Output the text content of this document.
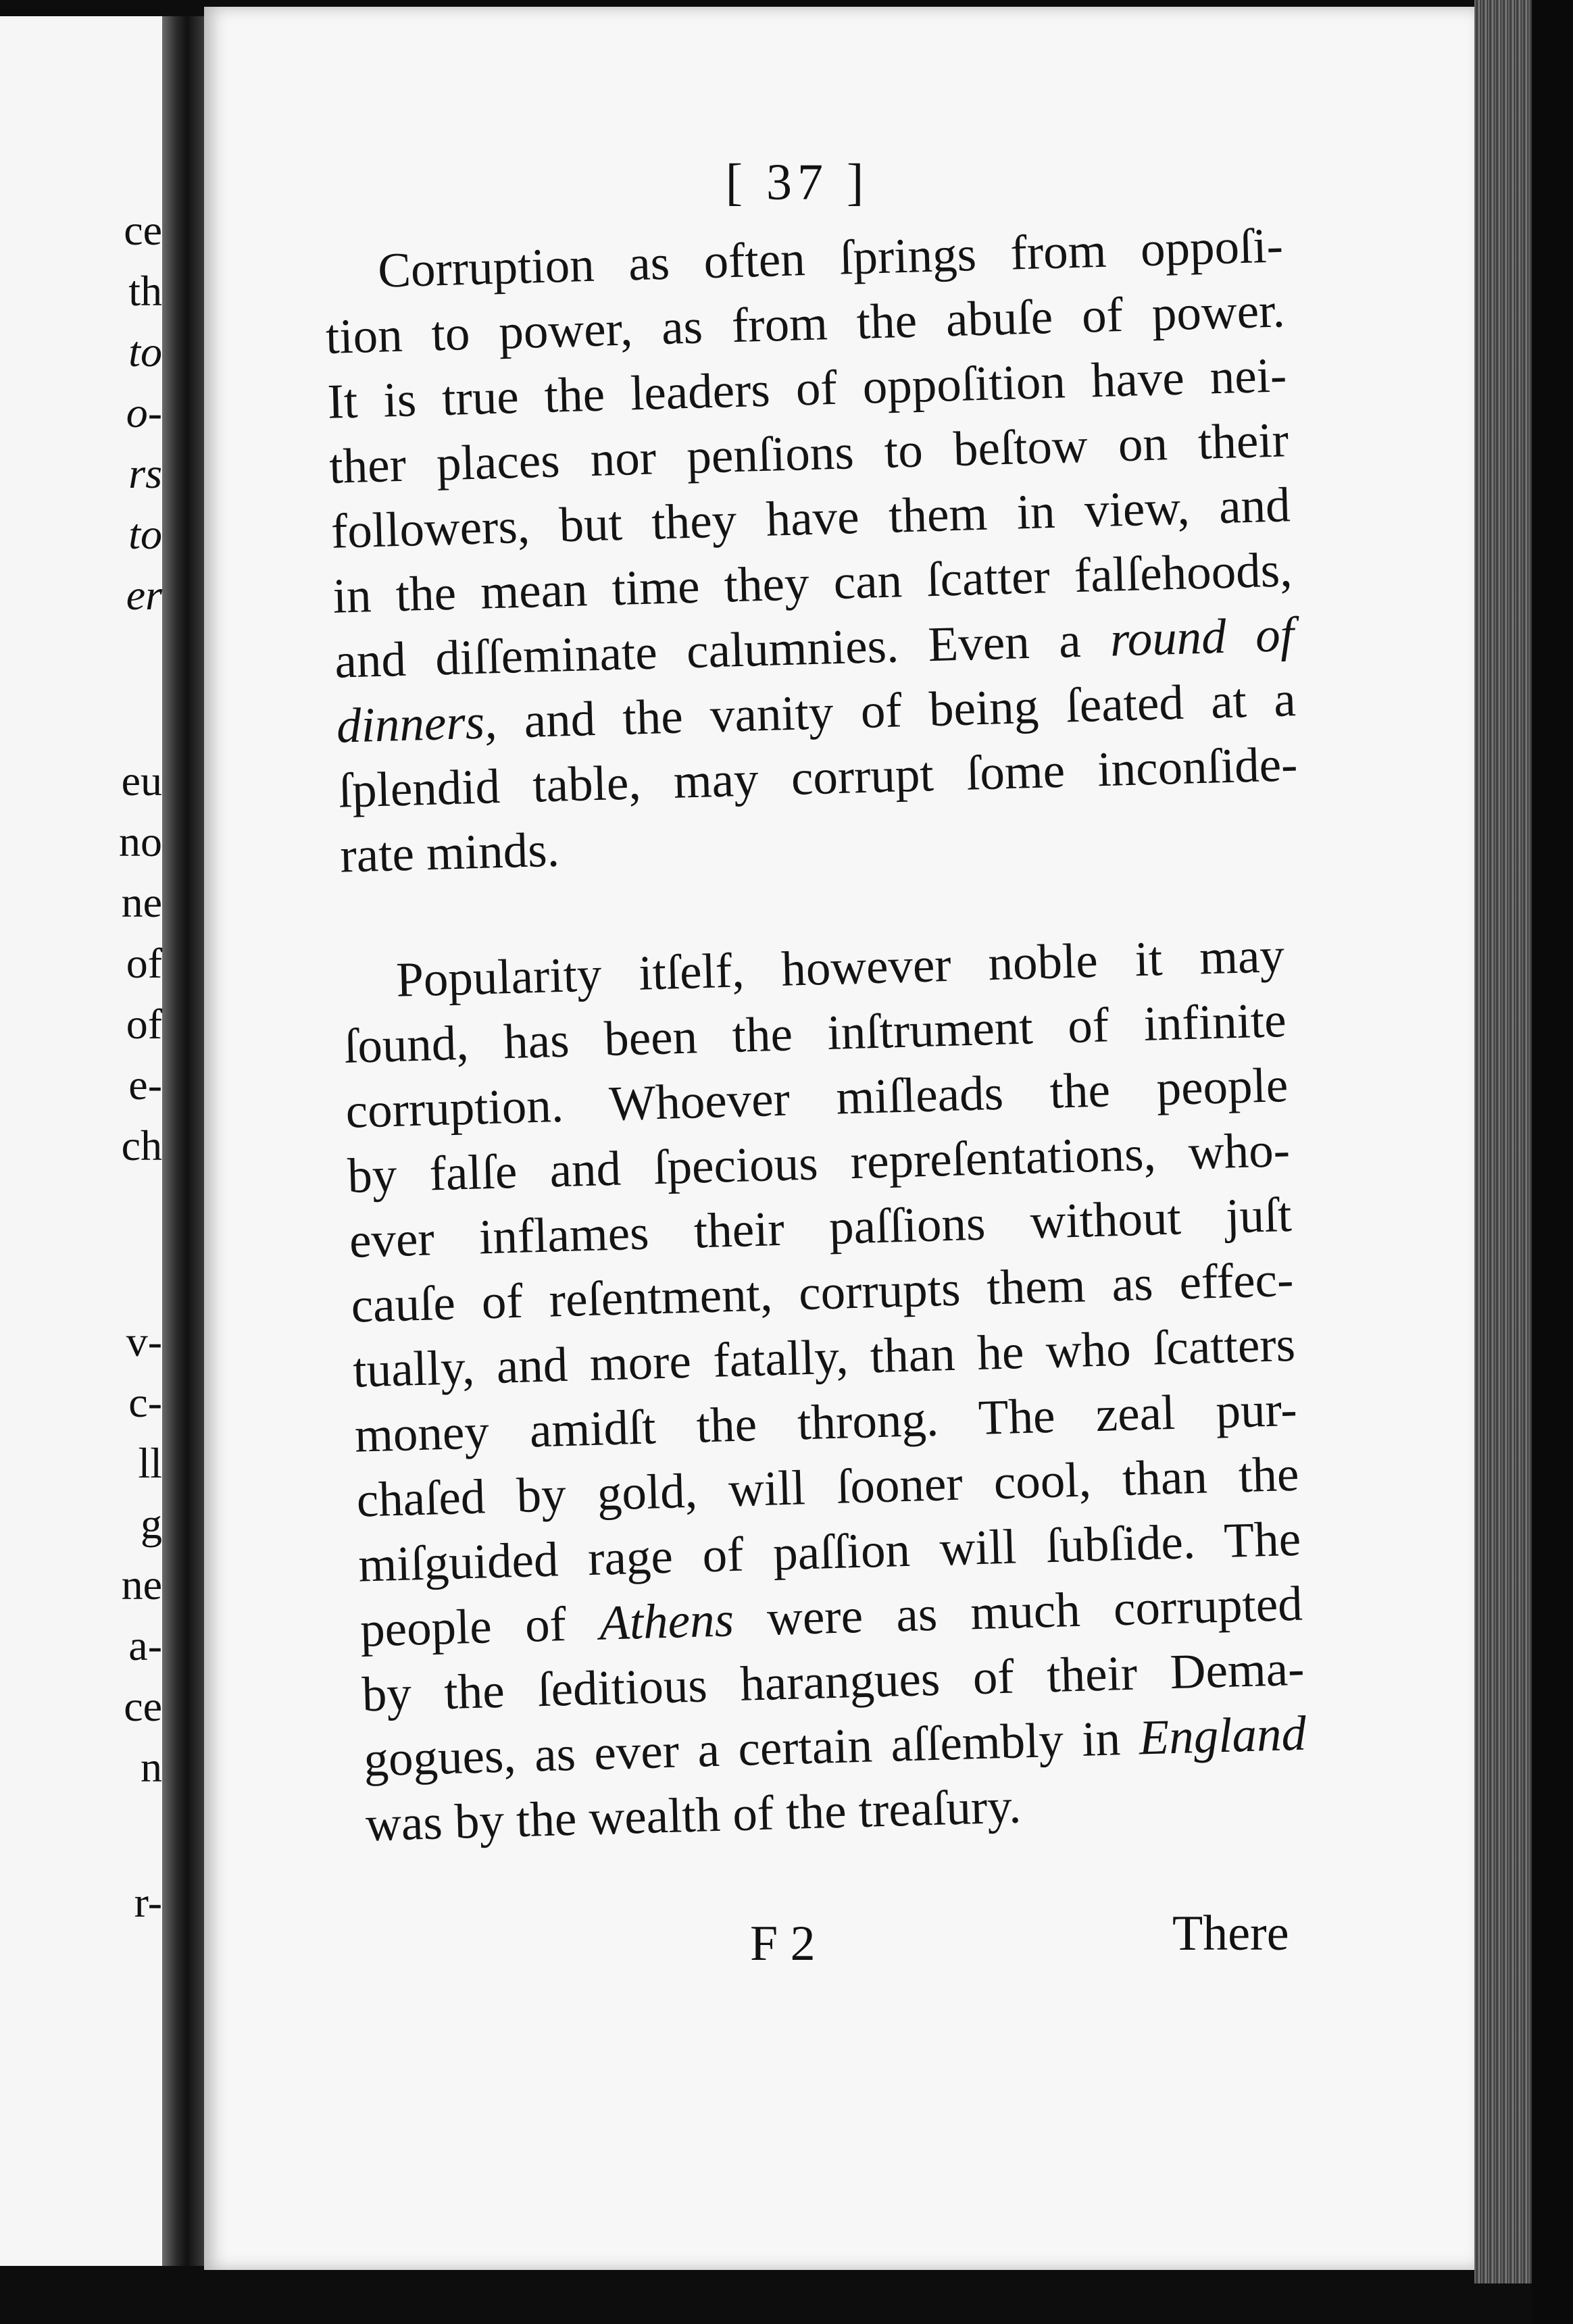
ce
th
to
o-
rs
to
er
eu
no
ne
of
of
e-
ch
v-
c-
ll
g
ne
a-
ce
n
r-
[ 37 ]
Corruption as often ſprings from oppoſi-
tion to power, as from the abuſe of power.
It is true the leaders of oppoſition have nei-
ther places nor penſions to beſtow on their
followers, but they have them in view, and
in the mean time they can ſcatter falſehoods,
and diſſeminate calumnies. Even a round of
dinners, and the vanity of being ſeated at a
ſplendid table, may corrupt ſome inconſide-
rate minds.
Popularity itſelf, however noble it may
ſound, has been the inſtrument of infinite
corruption. Whoever miſleads the people
by falſe and ſpecious repreſentations, who-
ever inflames their paſſions without juſt
cauſe of reſentment, corrupts them as effec-
tually, and more fatally, than he who ſcatters
money amidſt the throng. The zeal pur-
chaſed by gold, will ſooner cool, than the
miſguided rage of paſſion will ſubſide. The
people of Athens were as much corrupted
by the ſeditious harangues of their Dema-
gogues, as ever a certain aſſembly in England
was by the wealth of the treaſury.
F 2	There
